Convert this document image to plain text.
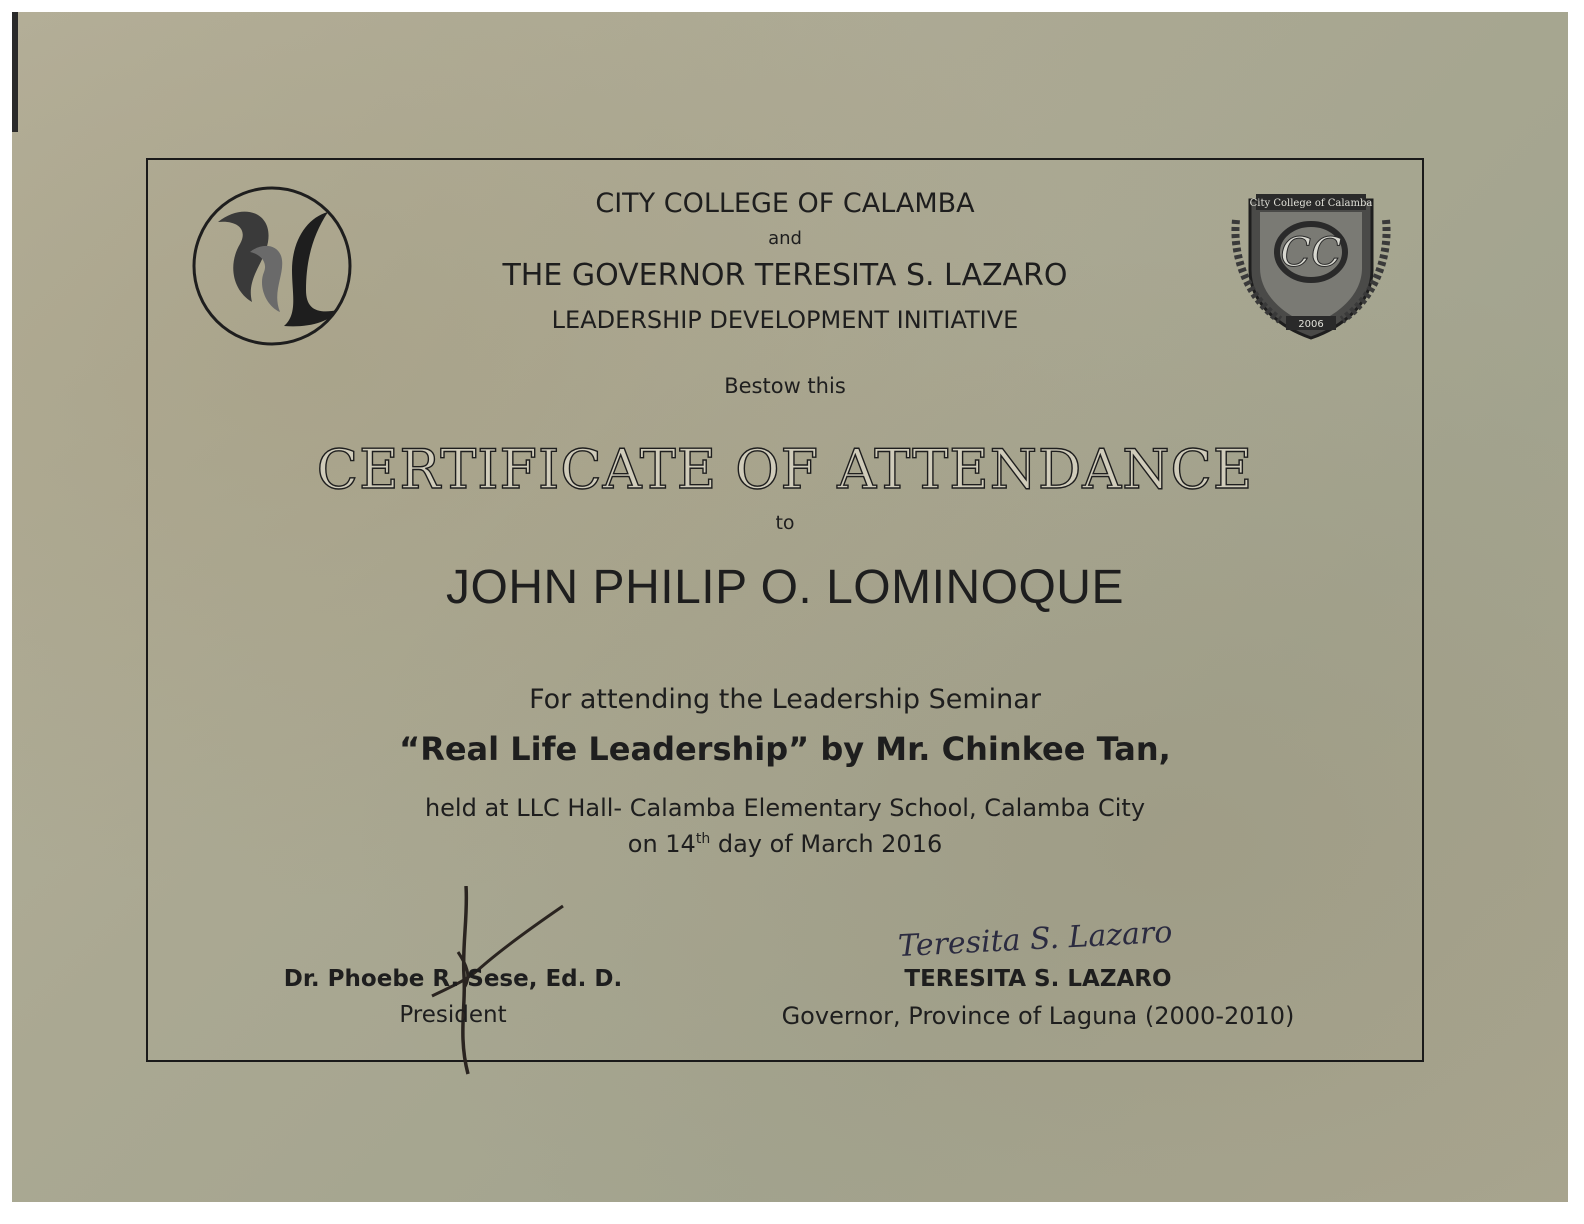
City College of Calamba
CC
2006
CITY COLLEGE OF CALAMBA
and
THE GOVERNOR TERESITA S. LAZARO
LEADERSHIP DEVELOPMENT INITIATIVE
Bestow this
CERTIFICATE OF ATTENDANCE
to
JOHN PHILIP O. LOMINOQUE
For attending the Leadership Seminar
“Real Life Leadership” by Mr. Chinkee Tan,
held at LLC Hall- Calamba Elementary School, Calamba City
on 14th day of March 2016
Teresita S. Lazaro
Dr. Phoebe R. Sese, Ed. D.
President
TERESITA S. LAZARO
Governor, Province of Laguna (2000-2010)
